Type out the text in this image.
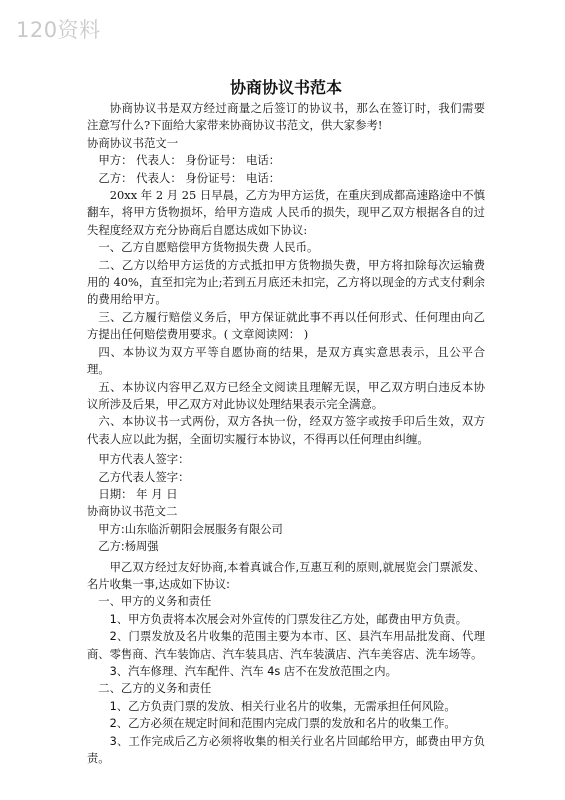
120资料
协商协议书范本

协商协议书是双方经过商量之后签订的协议书，那么在签订时，我们需要注意写什么?下面给大家带来协商协议书范文，供大家参考!

协商协议书范文一

甲方： 代表人： 身份证号： 电话：

乙方： 代表人： 身份证号： 电话：

20xx 年 2 月 25 日早晨，乙方为甲方运货，在重庆到成都高速路途中不慎翻车，将甲方货物损坏，给甲方造成 人民币的损失，现甲乙双方根据各自的过失程度经双方充分协商后自愿达成如下协议:

一、乙方自愿赔偿甲方货物损失费 人民币。

二、乙方以给甲方运货的方式抵扣甲方货物损失费，甲方将扣除每次运输费用的 40%，直至扣完为止;若到五月底还未扣完，乙方将以现金的方式支付剩余的费用给甲方。

三、乙方履行赔偿义务后，甲方保证就此事不再以任何形式、任何理由向乙方提出任何赔偿费用要求。( 文章阅读网： )

四、本协议为双方平等自愿协商的结果，是双方真实意思表示，且公平合理。

五、本协议内容甲乙双方已经全文阅读且理解无误，甲乙双方明白违反本协议所涉及后果，甲乙双方对此协议处理结果表示完全满意。

六、本协议书一式两份，双方各执一份，经双方签字或按手印后生效，双方代表人应以此为据，全面切实履行本协议，不得再以任何理由纠缠。

甲方代表人签字：

乙方代表人签字：

日期： 年 月 日

协商协议书范文二

甲方:山东临沂朝阳会展服务有限公司

乙方:杨周强

甲乙双方经过友好协商,本着真诚合作,互惠互利的原则,就展览会门票派发、名片收集一事,达成如下协议:

一、甲方的义务和责任

1、甲方负责将本次展会对外宣传的门票发往乙方处，邮费由甲方负责。

2、门票发放及名片收集的范围主要为本市、区、县汽车用品批发商、代理商、零售商、汽车装饰店、汽车装具店、汽车装潢店、汽车美容店、洗车场等。

3、汽车修理、汽车配件、汽车 4s 店不在发放范围之内。

二、乙方的义务和责任

1、乙方负责门票的发放、相关行业名片的收集，无需承担任何风险。

2、乙方必须在规定时间和范围内完成门票的发放和名片的收集工作。

3、工作完成后乙方必须将收集的相关行业名片回邮给甲方，邮费由甲方负责。
